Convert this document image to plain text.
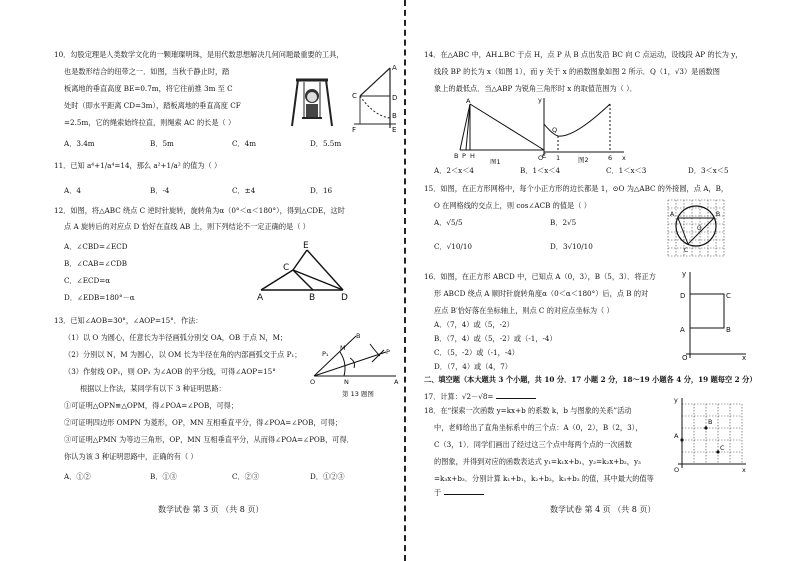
10．勾股定理是人类数学文化的一颗璀璨明珠，是用代数思想解决几何问题最重要的工具，
也是数形结合的纽带之一．如图，当秋千静止时，踏
板离地的垂直高度 BE=0.7m，将它往前推 3m 至 C
处时（即水平距离 CD=3m），踏板离地的垂直高度 CF
=2.5m，它的绳索始终拉直，则绳索 AC 的长是（ ）
A
C	D
B
F	E
A．3.4m	B．5m	C．4m	D．5.5m
11．已知 a⁴+1/a⁴=14，那么 a²+1/a² 的值为（ ）
A．4	B．-4	C．±4	D．16
12．如图，将△ABC 绕点 C 逆时针旋转，旋转角为α（0°＜α＜180°），得到△CDE，这时
点 A 旋转后的对应点 D 恰好在直线 AB 上，则下列结论不一定正确的是（ ）
A．∠CBD=∠ECD
B．∠CAB=∠CDB
C．∠ECD=α
D．∠EDB=180°－α
E
C
A	B	D
13．已知∠AOB=30°，∠AOP=15°．作法：
（1）以 O 为圆心，任意长为半径画弧分别交 OA，OB 于点 N，M；
（2）分别以 N，M 为圆心，以 OM 长为半径在角的内部画弧交于点 P₁；
（3）作射线 OP₁，则 OP₁ 为∠AOB 的平分线，可得∠AOP=15°
根据以上作法，某同学有以下 3 种证明思路：
①可证明△OPN≌△OPM，得∠POA=∠POB，可得；
②可证明四边形 OMPN 为菱形，OP，MN 互相垂直平分，得∠POA=∠POB，可得；
③可证明△PMN 为等边三角形，OP，MN 互相垂直平分，从而得∠POA=∠POB，可得．
你认为该 3 种证明思路中，正确的有（ ）
B
M
P₁	P
O	N	A
第 13 题图
A．①②	B．①③	C．②③	D．①②③
数学试卷 第 3 页 （共 8 页）
14．在△ABC 中，AH⊥BC 于点 H，点 P 从 B 点出发沿 BC 向 C 点运动，设线段 AP 的长为 y，
线段 BP 的长为 x（如图 1），而 y 关于 x 的函数图象如图 2 所示．Q（1，√3）是函数图
象上的最低点．当△ABP 为锐角三角形时 x 的取值范围为（ ）．
A
B P H	C
图1
y
Q
O 1	6 x
图2
A．2＜x＜4	B．1＜x＜4	C．1＜x＜3	D．3＜x＜5
15．如图，在正方形网格中，每个小正方形的边长都是 1，⊙O 为△ABC 的外接圆，点 A，B，
O 在网格线的交点上，则 cos∠ACB 的值是（ ）
A．√5/5	B．2√5
C．√10/10	D．3√10/10
A	B
O
C
16．如图，在正方形 ABCD 中，已知点 A（0，3），B（5，3）．将正方
形 ABCD 绕点 A 顺时针旋转角度α（0＜α＜180°）后，点 B 的对
应点 B′恰好落在坐标轴上，则点 C 的对应点坐标为（ ）
A．（7，4）或（5，-2）
B．（7，4）或（5，-2）或（-1，-4）
C．（5，-2）或（-1，-4）
D．（7，4）或（4，7）
y
D	C
A	B
O	x
二、填空题（本大题共 3 个小题，共 10 分．17 小题 2 分，18～19 小题各 4 分，19 题每空 2 分）
17．计算：√2－√8=
18．在“探索一次函数 y=kx+b 的系数 k，b 与图象的关系”活动
中，老师给出了直角坐标系中的三个点：A（0，2），B（2，3），
C（3，1）．同学们画出了经过这三个点中每两个点的一次函数
的图象，并得到对应的函数表达式 y₁=k₁x+b₁，y₂=k₂x+b₂，y₃
=k₃x+b₃．分别计算 k₁+b₁，k₂+b₂，k₃+b₃ 的值，其中最大的值等
于
y
B
A
C
O	x
数学试卷 第 4 页 （共 8 页）
